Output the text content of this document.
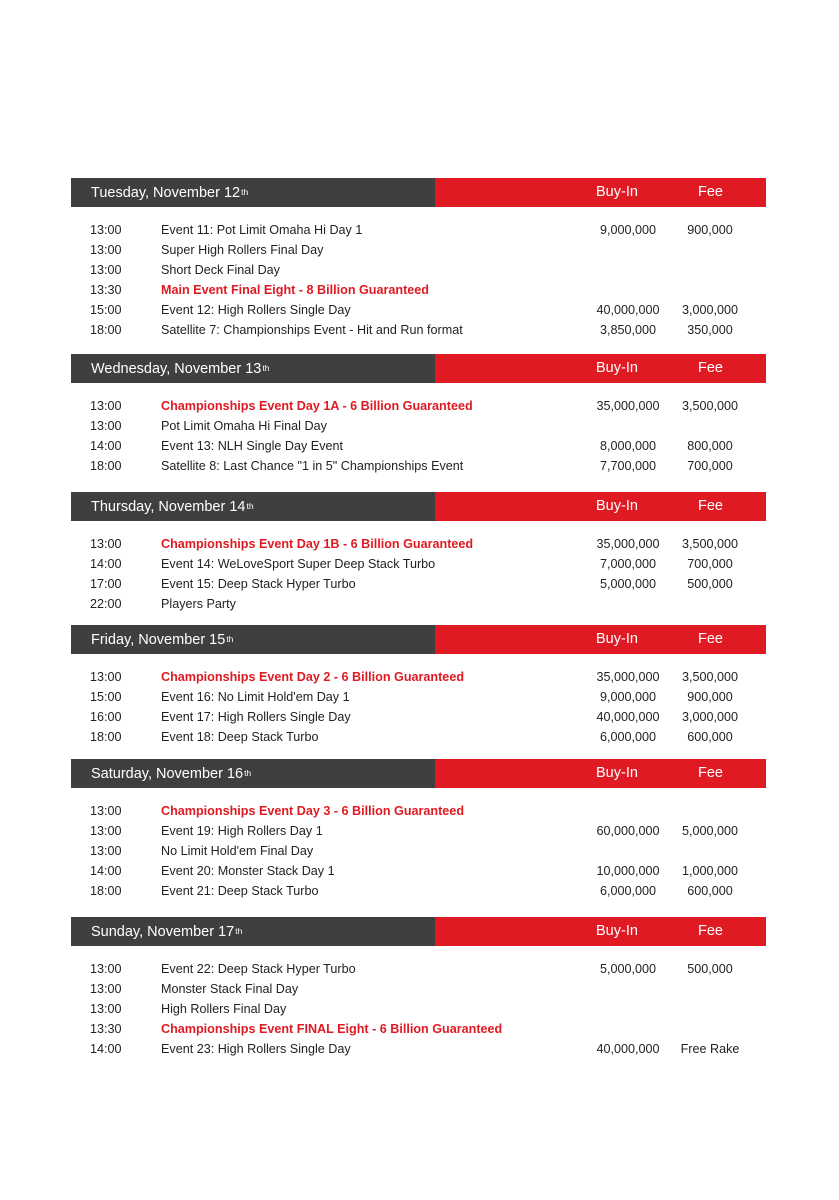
Tuesday, November 12th	Buy-In	Fee
13:00	Event 11: Pot Limit Omaha Hi Day 1	9,000,000	900,000
13:00	Super High Rollers Final Day
13:00	Short Deck Final Day
13:30	Main Event Final Eight - 8 Billion Guaranteed
15:00	Event 12: High Rollers Single Day	40,000,000	3,000,000
18:00	Satellite 7: Championships Event - Hit and Run format	3,850,000	350,000
Wednesday, November 13th	Buy-In	Fee
13:00	Championships Event Day 1A - 6 Billion Guaranteed	35,000,000	3,500,000
13:00	Pot Limit Omaha Hi Final Day
14:00	Event 13: NLH Single Day Event	8,000,000	800,000
18:00	Satellite 8: Last Chance "1 in 5" Championships Event	7,700,000	700,000
Thursday, November 14th	Buy-In	Fee
13:00	Championships Event Day 1B - 6 Billion Guaranteed	35,000,000	3,500,000
14:00	Event 14: WeLoveSport Super Deep Stack Turbo	7,000,000	700,000
17:00	Event 15: Deep Stack Hyper Turbo	5,000,000	500,000
22:00	Players Party
Friday, November 15th	Buy-In	Fee
13:00	Championships Event Day 2 - 6 Billion Guaranteed	35,000,000	3,500,000
15:00	Event 16: No Limit Hold'em Day 1	9,000,000	900,000
16:00	Event 17: High Rollers Single Day	40,000,000	3,000,000
18:00	Event 18: Deep Stack Turbo	6,000,000	600,000
Saturday, November 16th	Buy-In	Fee
13:00	Championships Event Day 3 - 6 Billion Guaranteed
13:00	Event 19: High Rollers Day 1	60,000,000	5,000,000
13:00	No Limit Hold'em Final Day
14:00	Event 20: Monster Stack Day 1	10,000,000	1,000,000
18:00	Event 21: Deep Stack Turbo	6,000,000	600,000
Sunday, November 17th	Buy-In	Fee
13:00	Event 22: Deep Stack Hyper Turbo	5,000,000	500,000
13:00	Monster Stack Final Day
13:00	High Rollers Final Day
13:30	Championships Event FINAL Eight - 6 Billion Guaranteed
14:00	Event 23: High Rollers Single Day	40,000,000	Free Rake
